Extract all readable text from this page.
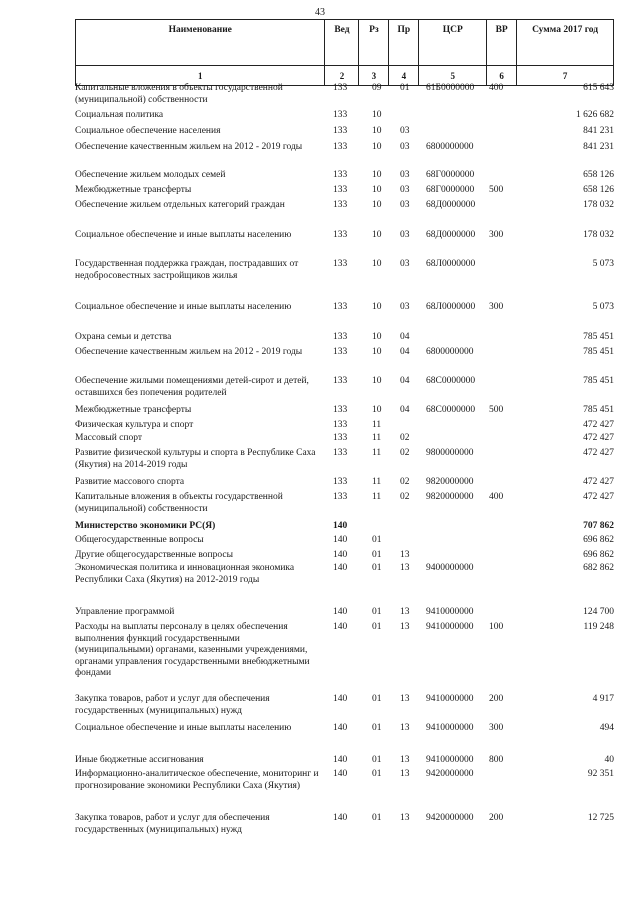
43
Наименование	Вед	Рз	Пр	ЦСР	ВР	Сумма 2017 год
1	2	3	4	5	6	7
Капитальные вложения в объекты государственной (муниципальной) собственности
133	09 01 61Б0000000 400	615 643
Социальная политика	133	10	1 626 682
Социальное обеспечение населения	133	10 03	841 231
Обеспечение качественным жильем на 2012 - 2019 годы	133	10 03 6800000000	841 231
Обеспечение жильем молодых семей	133	10 03 68Г0000000	658 126
Межбюджетные трансферты	133	10 03 68Г0000000 500	658 126
Обеспечение жильем отдельных категорий граждан	133	10 03 68Д0000000	178 032
Социальное обеспечение и иные выплаты населению	133	10 03 68Д0000000 300	178 032
Государственная поддержка граждан, пострадавших от недобросовестных застройщиков жилья
133	10 03 68Л0000000	5 073
Социальное обеспечение и иные выплаты населению	133	10 03 68Л0000000 300	5 073
Охрана семьи и детства	133	10 04	785 451
Обеспечение качественным жильем на 2012 - 2019 годы	133	10 04 6800000000	785 451
Обеспечение жилыми помещениями детей-сирот и детей, оставшихся без попечения родителей
133	10 04 68С0000000	785 451
Межбюджетные трансферты	133	10 04 68С0000000 500	785 451
Физическая культура и спорт	133	11	472 427
Массовый спорт	133	11 02	472 427
Развитие физической культуры и спорта в Республике Саха (Якутия) на 2014-2019 годы
133	11 02 9800000000	472 427
Развитие массового спорта	133	11 02 9820000000	472 427
Капитальные вложения в объекты государственной (муниципальной) собственности
133	11 02 9820000000 400	472 427
Министерство экономики РС(Я)	140	707 862
Общегосударственные вопросы	140	01	696 862
Другие общегосударственные вопросы	140	01 13	696 862
Экономическая политика и инновационная экономика Республики Саха (Якутия) на 2012-2019 годы
140	01 13 9400000000	682 862
Управление программой	140	01 13 9410000000	124 700
Расходы на выплаты персоналу в целях обеспечения выполнения функций государственными (муниципальными) органами, казенными учреждениями, органами управления государственными внебюджетными фондами
140	01 13 9410000000 100	119 248
Закупка товаров, работ и услуг для обеспечения государственных (муниципальных) нужд
140	01 13 9410000000 200	4 917
Социальное обеспечение и иные выплаты населению	140	01 13 9410000000 300	494
Иные бюджетные ассигнования	140	01 13 9410000000 800	40
Информационно-аналитическое обеспечение, мониторинг и прогнозирование экономики Республики Саха (Якутия)
140	01 13 9420000000	92 351
Закупка товаров, работ и услуг для обеспечения государственных (муниципальных) нужд
140	01 13 9420000000 200	12 725
